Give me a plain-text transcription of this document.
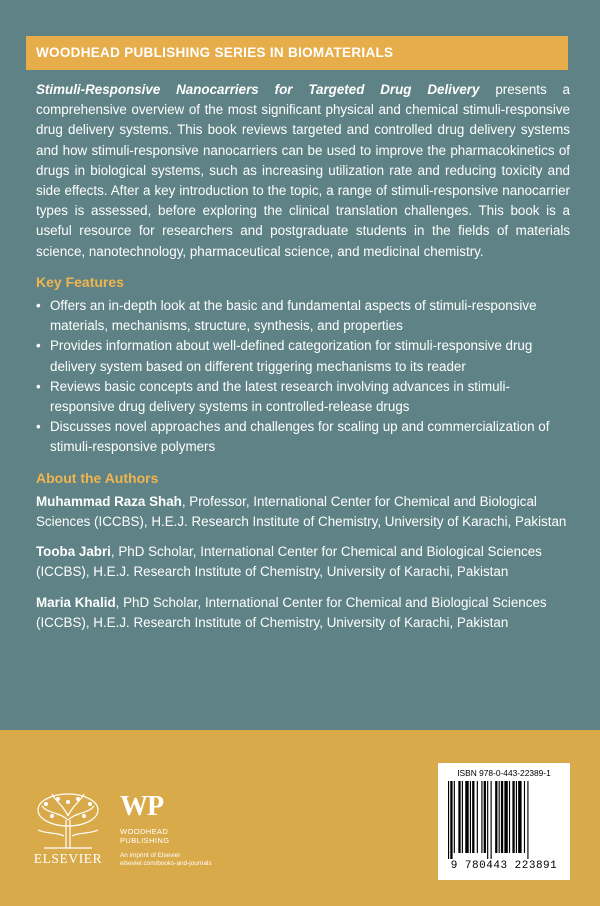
WOODHEAD PUBLISHING SERIES IN BIOMATERIALS

Stimuli-Responsive Nanocarriers for Targeted Drug Delivery presents a comprehensive overview of the most significant physical and chemical stimuli-responsive drug delivery systems. This book reviews targeted and controlled drug delivery systems and how stimuli-responsive nanocarriers can be used to improve the pharmacokinetics of drugs in biological systems, such as increasing utilization rate and reducing toxicity and side effects. After a key introduction to the topic, a range of stimuli-responsive nanocarrier types is assessed, before exploring the clinical translation challenges. This book is a useful resource for researchers and postgraduate students in the fields of materials science, nanotechnology, pharmaceutical science, and medicinal chemistry.

Key Features
• Offers an in-depth look at the basic and fundamental aspects of stimuli-responsive materials, mechanisms, structure, synthesis, and properties
• Provides information about well-defined categorization for stimuli-responsive drug delivery system based on different triggering mechanisms to its reader
• Reviews basic concepts and the latest research involving advances in stimuli-responsive drug delivery systems in controlled-release drugs
• Discusses novel approaches and challenges for scaling up and commercialization of stimuli-responsive polymers
About the Authors

Muhammad Raza Shah, Professor, International Center for Chemical and Biological Sciences (ICCBS), H.E.J. Research Institute of Chemistry, University of Karachi, Pakistan

Tooba Jabri, PhD Scholar, International Center for Chemical and Biological Sciences (ICCBS), H.E.J. Research Institute of Chemistry, University of Karachi, Pakistan

Maria Khalid, PhD Scholar, International Center for Chemical and Biological Sciences (ICCBS), H.E.J. Research Institute of Chemistry, University of Karachi, Pakistan

ELSEVIER
WP
WOODHEAD
PUBLISHING
An imprint of Elsevier
elsevier.com/books-and-journals
ISBN 978-0-443-22389-1
9 780443 223891
